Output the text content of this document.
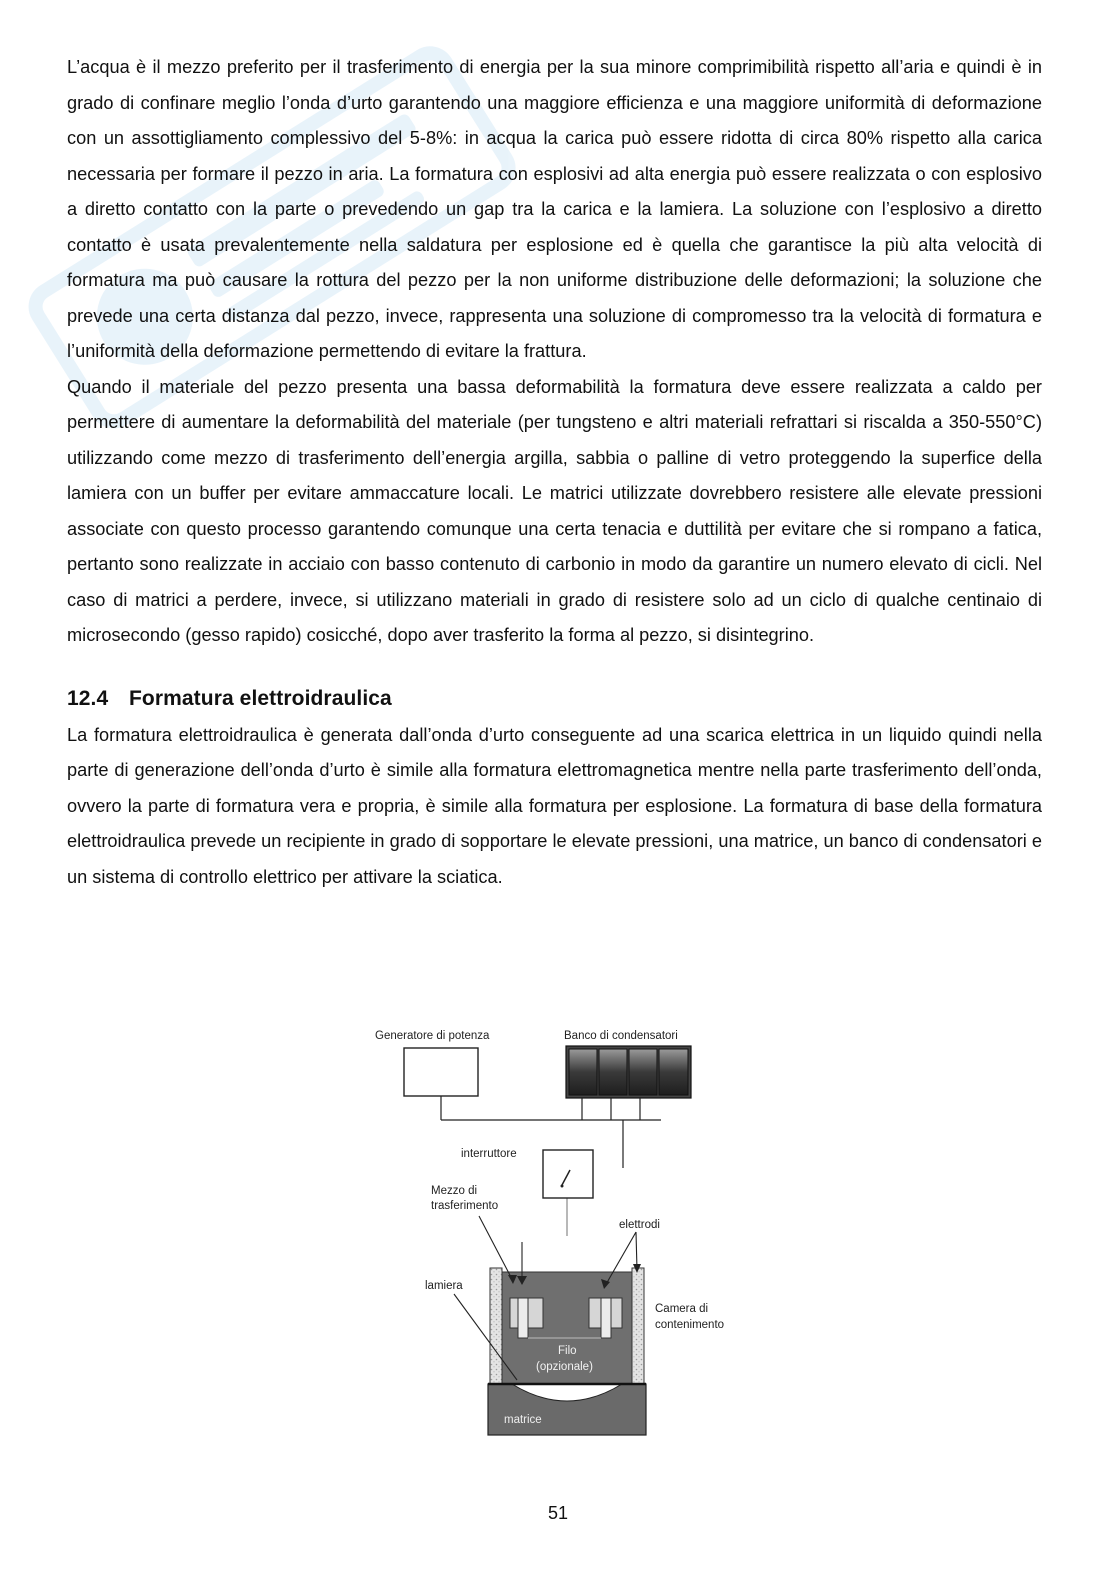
L’acqua è il mezzo preferito per il trasferimento di energia per la sua minore comprimibilità rispetto all’aria e quindi è in grado di confinare meglio l’onda d’urto garantendo una maggiore efficienza e una maggiore uniformità di deformazione con un assottigliamento complessivo del 5-8%: in acqua la carica può essere ridotta di circa 80% rispetto alla carica necessaria per formare il pezzo in aria. La formatura con esplosivi ad alta energia può essere realizzata o con esplosivo a diretto contatto con la parte o prevedendo un gap tra la carica e la lamiera. La soluzione con l’esplosivo a diretto contatto è usata prevalentemente nella saldatura per esplosione ed è quella che garantisce la più alta velocità di formatura ma può causare la rottura del pezzo per la non uniforme distribuzione delle deformazioni; la soluzione che prevede una certa distanza dal pezzo, invece, rappresenta una soluzione di compromesso tra la velocità di formatura e l’uniformità della deformazione permettendo di evitare la frattura.

Quando il materiale del pezzo presenta una bassa deformabilità la formatura deve essere realizzata a caldo per permettere di aumentare la deformabilità del materiale (per tungsteno e altri materiali refrattari si riscalda a 350-550°C) utilizzando come mezzo di trasferimento dell’energia argilla, sabbia o palline di vetro proteggendo la superfice della lamiera con un buffer per evitare ammaccature locali. Le matrici utilizzate dovrebbero resistere alle elevate pressioni associate con questo processo garantendo comunque una certa tenacia e duttilità per evitare che si rompano a fatica, pertanto sono realizzate in acciaio con basso contenuto di carbonio in modo da garantire un numero elevato di cicli. Nel caso di matrici a perdere, invece, si utilizzano materiali in grado di resistere solo ad un ciclo di qualche centinaio di microsecondo (gesso rapido) cosicché, dopo aver trasferito la forma al pezzo, si disintegrino.

12.4 Formatura elettroidraulica

La formatura elettroidraulica è generata dall’onda d’urto conseguente ad una scarica elettrica in un liquido quindi nella parte di generazione dell’onda d’urto è simile alla formatura elettromagnetica mentre nella parte trasferimento dell’onda, ovvero la parte di formatura vera e propria, è simile alla formatura per esplosione. La formatura di base della formatura elettroidraulica prevede un recipiente in grado di sopportare le elevate pressioni, una matrice, un banco di condensatori e un sistema di controllo elettrico per attivare la sciatica.

Generatore di potenza	Banco di condensatori
interruttore
Mezzo di
trasferimento
elettrodi
lamiera
Camera di
contenimento
Filo
(opzionale)
matrice
51
